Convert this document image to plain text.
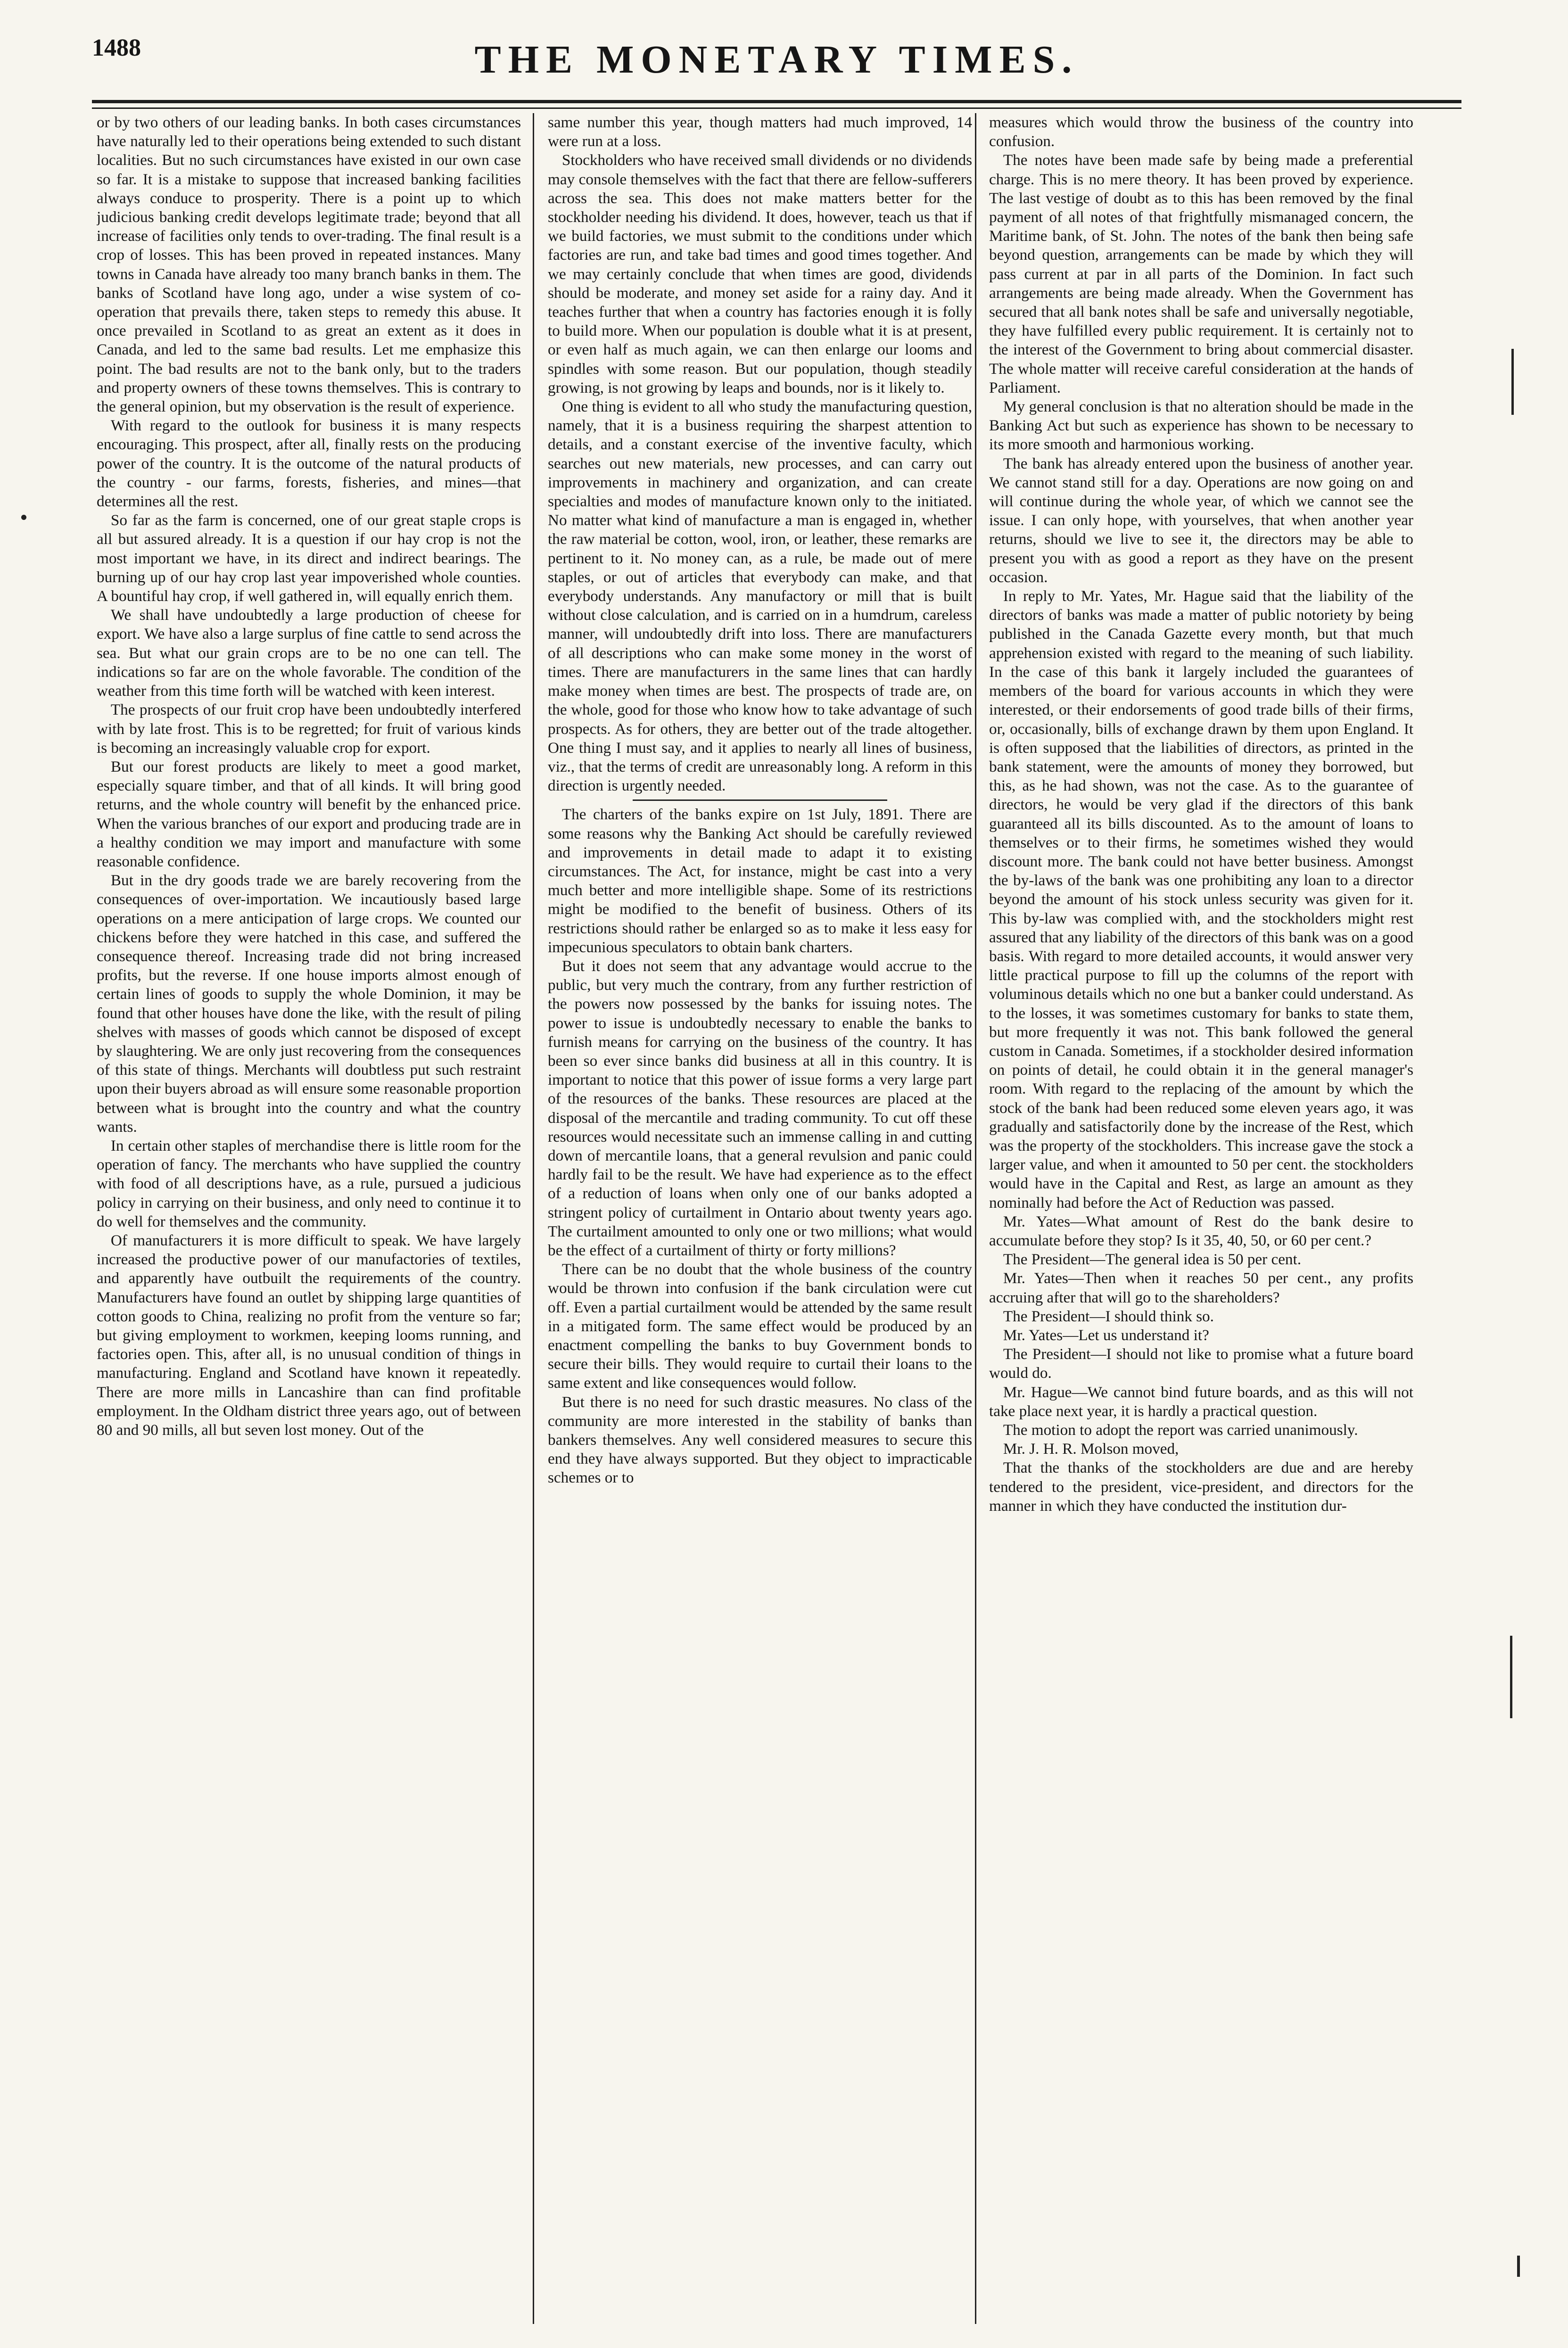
1488	THE MONETARY TIMES.

or by two others of our leading banks. In both cases circumstances have naturally led to their operations being extended to such distant localities. But no such circumstances have existed in our own case so far. It is a mistake to suppose that increased banking facilities always conduce to prosperity. There is a point up to which judicious banking credit develops legitimate trade; beyond that all increase of facilities only tends to over-trading. The final result is a crop of losses. This has been proved in repeated instances. Many towns in Canada have already too many branch banks in them. The banks of Scotland have long ago, under a wise system of co-operation that prevails there, taken steps to remedy this abuse. It once prevailed in Scotland to as great an extent as it does in Canada, and led to the same bad results. Let me emphasize this point. The bad results are not to the bank only, but to the traders and property owners of these towns themselves. This is contrary to the general opinion, but my observation is the result of experience.

With regard to the outlook for business it is many respects encouraging. This prospect, after all, finally rests on the producing power of the country. It is the outcome of the natural products of the country - our farms, forests, fisheries, and mines—that determines all the rest.

So far as the farm is concerned, one of our great staple crops is all but assured already. It is a question if our hay crop is not the most important we have, in its direct and indirect bearings. The burning up of our hay crop last year impoverished whole counties. A bountiful hay crop, if well gathered in, will equally enrich them.

We shall have undoubtedly a large production of cheese for export. We have also a large surplus of fine cattle to send across the sea. But what our grain crops are to be no one can tell. The indications so far are on the whole favorable. The condition of the weather from this time forth will be watched with keen interest.

The prospects of our fruit crop have been undoubtedly interfered with by late frost. This is to be regretted; for fruit of various kinds is becoming an increasingly valuable crop for export.

But our forest products are likely to meet a good market, especially square timber, and that of all kinds. It will bring good returns, and the whole country will benefit by the enhanced price. When the various branches of our export and producing trade are in a healthy condition we may import and manufacture with some reasonable confidence.

But in the dry goods trade we are barely recovering from the consequences of over-importation. We incautiously based large operations on a mere anticipation of large crops. We counted our chickens before they were hatched in this case, and suffered the consequence thereof. Increasing trade did not bring increased profits, but the reverse. If one house imports almost enough of certain lines of goods to supply the whole Dominion, it may be found that other houses have done the like, with the result of piling shelves with masses of goods which cannot be disposed of except by slaughtering. We are only just recovering from the consequences of this state of things. Merchants will doubtless put such restraint upon their buyers abroad as will ensure some reasonable proportion between what is brought into the country and what the country wants.

In certain other staples of merchandise there is little room for the operation of fancy. The merchants who have supplied the country with food of all descriptions have, as a rule, pursued a judicious policy in carrying on their business, and only need to continue it to do well for themselves and the community.

Of manufacturers it is more difficult to speak. We have largely increased the productive power of our manufactories of textiles, and apparently have outbuilt the requirements of the country. Manufacturers have found an outlet by shipping large quantities of cotton goods to China, realizing no profit from the venture so far; but giving employment to workmen, keeping looms running, and factories open. This, after all, is no unusual condition of things in manufacturing. England and Scotland have known it repeatedly. There are more mills in Lancashire than can find profitable employment. In the Oldham district three years ago, out of between 80 and 90 mills, all but seven lost money. Out of the

same number this year, though matters had much improved, 14 were run at a loss.

Stockholders who have received small dividends or no dividends may console themselves with the fact that there are fellow-sufferers across the sea. This does not make matters better for the stockholder needing his dividend. It does, however, teach us that if we build factories, we must submit to the conditions under which factories are run, and take bad times and good times together. And we may certainly conclude that when times are good, dividends should be moderate, and money set aside for a rainy day. And it teaches further that when a country has factories enough it is folly to build more. When our population is double what it is at present, or even half as much again, we can then enlarge our looms and spindles with some reason. But our population, though steadily growing, is not growing by leaps and bounds, nor is it likely to.

One thing is evident to all who study the manufacturing question, namely, that it is a business requiring the sharpest attention to details, and a constant exercise of the inventive faculty, which searches out new materials, new processes, and can carry out improvements in machinery and organization, and can create specialties and modes of manufacture known only to the initiated. No matter what kind of manufacture a man is engaged in, whether the raw material be cotton, wool, iron, or leather, these remarks are pertinent to it. No money can, as a rule, be made out of mere staples, or out of articles that everybody can make, and that everybody understands. Any manufactory or mill that is built without close calculation, and is carried on in a humdrum, careless manner, will undoubtedly drift into loss. There are manufacturers of all descriptions who can make some money in the worst of times. There are manufacturers in the same lines that can hardly make money when times are best. The prospects of trade are, on the whole, good for those who know how to take advantage of such prospects. As for others, they are better out of the trade altogether. One thing I must say, and it applies to nearly all lines of business, viz., that the terms of credit are unreasonably long. A reform in this direction is urgently needed.

The charters of the banks expire on 1st July, 1891. There are some reasons why the Banking Act should be carefully reviewed and improvements in detail made to adapt it to existing circumstances. The Act, for instance, might be cast into a very much better and more intelligible shape. Some of its restrictions might be modified to the benefit of business. Others of its restrictions should rather be enlarged so as to make it less easy for impecunious speculators to obtain bank charters.

But it does not seem that any advantage would accrue to the public, but very much the contrary, from any further restriction of the powers now possessed by the banks for issuing notes. The power to issue is undoubtedly necessary to enable the banks to furnish means for carrying on the business of the country. It has been so ever since banks did business at all in this country. It is important to notice that this power of issue forms a very large part of the resources of the banks. These resources are placed at the disposal of the mercantile and trading community. To cut off these resources would necessitate such an immense calling in and cutting down of mercantile loans, that a general revulsion and panic could hardly fail to be the result. We have had experience as to the effect of a reduction of loans when only one of our banks adopted a stringent policy of curtailment in Ontario about twenty years ago. The curtailment amounted to only one or two millions; what would be the effect of a curtailment of thirty or forty millions?

There can be no doubt that the whole business of the country would be thrown into confusion if the bank circulation were cut off. Even a partial curtailment would be attended by the same result in a mitigated form. The same effect would be produced by an enactment compelling the banks to buy Government bonds to secure their bills. They would require to curtail their loans to the same extent and like consequences would follow.

But there is no need for such drastic measures. No class of the community are more interested in the stability of banks than bankers themselves. Any well considered measures to secure this end they have always supported. But they object to impracticable schemes or to

measures which would throw the business of the country into confusion.

The notes have been made safe by being made a preferential charge. This is no mere theory. It has been proved by experience. The last vestige of doubt as to this has been removed by the final payment of all notes of that frightfully mismanaged concern, the Maritime bank, of St. John. The notes of the bank then being safe beyond question, arrangements can be made by which they will pass current at par in all parts of the Dominion. In fact such arrangements are being made already. When the Government has secured that all bank notes shall be safe and universally negotiable, they have fulfilled every public requirement. It is certainly not to the interest of the Government to bring about commercial disaster. The whole matter will receive careful consideration at the hands of Parliament.

My general conclusion is that no alteration should be made in the Banking Act but such as experience has shown to be necessary to its more smooth and harmonious working.

The bank has already entered upon the business of another year. We cannot stand still for a day. Operations are now going on and will continue during the whole year, of which we cannot see the issue. I can only hope, with yourselves, that when another year returns, should we live to see it, the directors may be able to present you with as good a report as they have on the present occasion.

In reply to Mr. Yates, Mr. Hague said that the liability of the directors of banks was made a matter of public notoriety by being published in the Canada Gazette every month, but that much apprehension existed with regard to the meaning of such liability. In the case of this bank it largely included the guarantees of members of the board for various accounts in which they were interested, or their endorsements of good trade bills of their firms, or, occasionally, bills of exchange drawn by them upon England. It is often supposed that the liabilities of directors, as printed in the bank statement, were the amounts of money they borrowed, but this, as he had shown, was not the case. As to the guarantee of directors, he would be very glad if the directors of this bank guaranteed all its bills discounted. As to the amount of loans to themselves or to their firms, he sometimes wished they would discount more. The bank could not have better business. Amongst the by-laws of the bank was one prohibiting any loan to a director beyond the amount of his stock unless security was given for it. This by-law was complied with, and the stockholders might rest assured that any liability of the directors of this bank was on a good basis. With regard to more detailed accounts, it would answer very little practical purpose to fill up the columns of the report with voluminous details which no one but a banker could understand. As to the losses, it was sometimes customary for banks to state them, but more frequently it was not. This bank followed the general custom in Canada. Sometimes, if a stockholder desired information on points of detail, he could obtain it in the general manager's room. With regard to the replacing of the amount by which the stock of the bank had been reduced some eleven years ago, it was gradually and satisfactorily done by the increase of the Rest, which was the property of the stockholders. This increase gave the stock a larger value, and when it amounted to 50 per cent. the stockholders would have in the Capital and Rest, as large an amount as they nominally had before the Act of Reduction was passed.

Mr. Yates—What amount of Rest do the bank desire to accumulate before they stop? Is it 35, 40, 50, or 60 per cent.?

The President—The general idea is 50 per cent.

Mr. Yates—Then when it reaches 50 per cent., any profits accruing after that will go to the shareholders?

The President—I should think so.

Mr. Yates—Let us understand it?

The President—I should not like to promise what a future board would do.

Mr. Hague—We cannot bind future boards, and as this will not take place next year, it is hardly a practical question.

The motion to adopt the report was carried unanimously.

Mr. J. H. R. Molson moved,

That the thanks of the stockholders are due and are hereby tendered to the president, vice-president, and directors for the manner in which they have conducted the institution dur-
